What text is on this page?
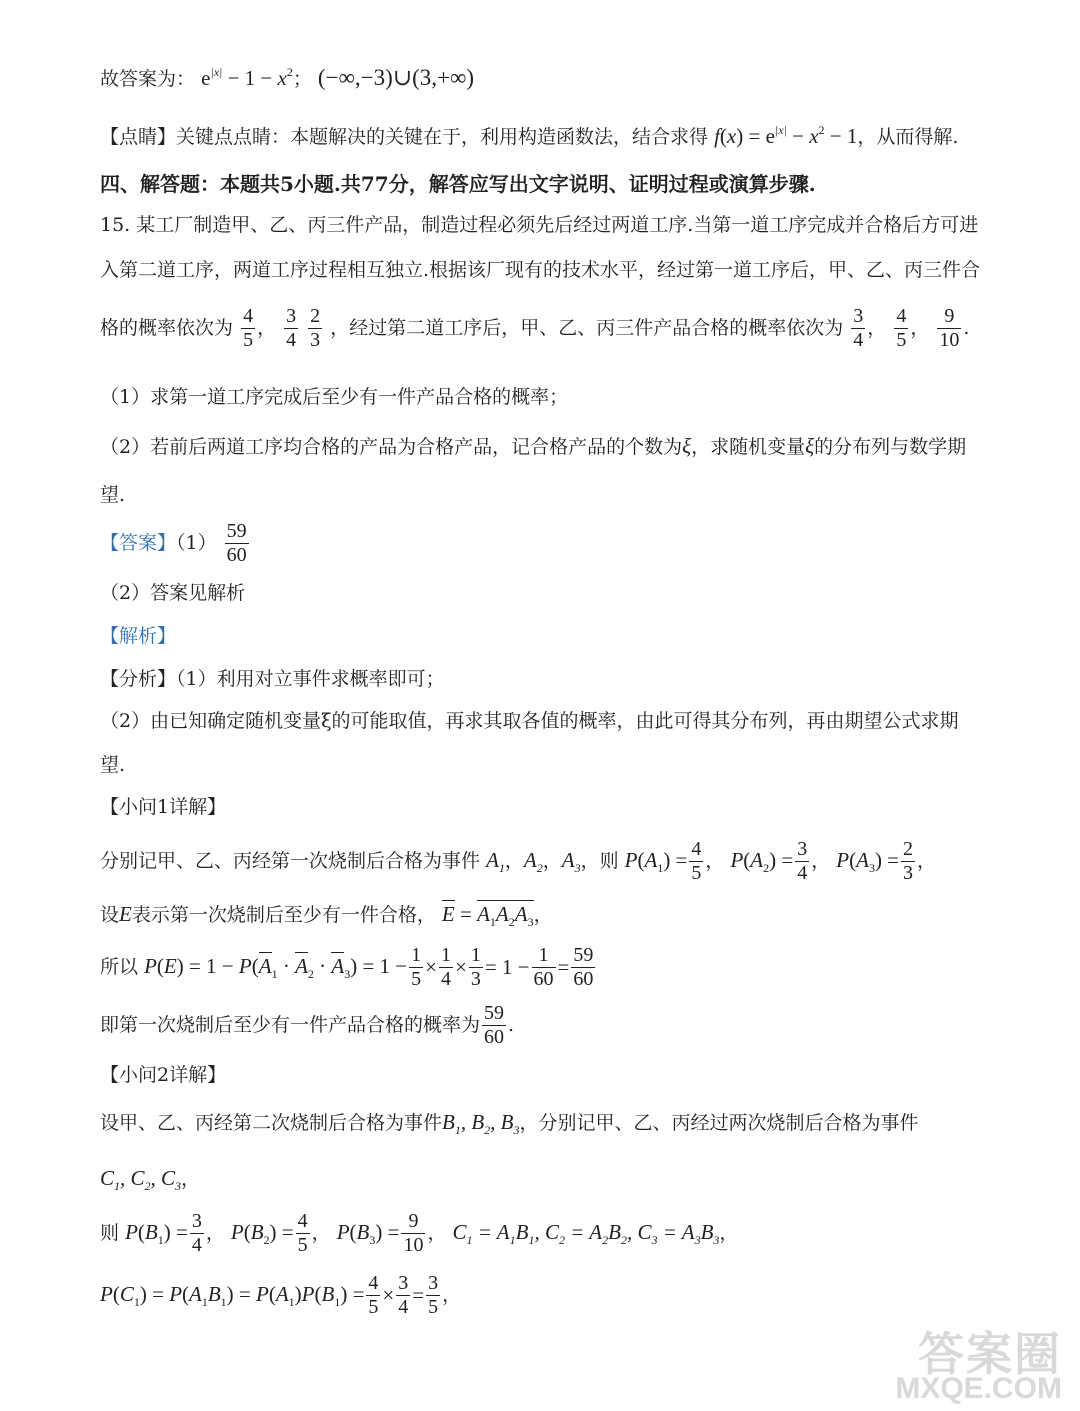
故答案为： $e^{|x|} - 1 - x^2$； (−∞,−3)∪(3,+∞)
【点睛】关键点点睛：本题解决的关键在于，利用构造函数法，结合求得 $f(x) = e^{|x|} - x^2 - 1$，从而得解.
四、解答题：本题共5小题.共77分，解答应写出文字说明、证明过程或演算步骤.
15. 某工厂制造甲、乙、丙三件产品，制造过程必须先后经过两道工序.当第一道工序完成并合格后方可进
入第二道工序，两道工序过程相互独立.根据该厂现有的技术水平，经过第一道工序后，甲、乙、丙三件合
格的概率依次为 $\frac{4}{5}$ ， $\frac{3}{4}$
$\frac{2}{3}$ ，经过第二道工序后，甲、乙、丙三件产品合格的概率依次为 $\frac{3}{4}$ ， $\frac{4}{5}$ ， $\frac{9}{10}$ .
（1）求第一道工序完成后至少有一件产品合格的概率；
（2）若前后两道工序均合格的产品为合格产品，记合格产品的个数为ξ，求随机变量ξ的分布列与数学期
望.
【答案】$(1) \frac{59}{60}$
（2）答案见解析
【解析】
【分析】（1）利用对立事件求概率即可；
（2）由已知确定随机变量ξ的可能取值，再求其取各值的概率，由此可得其分布列，再由期望公式求期
望.
【小问1详解】
分别记甲、乙、丙经第一次烧制后合格为事件 $A_1$，$A_2$，$A_3$，则 $P(A_1) = \frac{4}{5}$ ， $P(A_2) = \frac{3}{4}$ ， $P(A_3) = \frac{2}{3}$ ，
设E表示第一次烧制后至少有一件合格， $E = A_1A_2A_3$，
所以 $P(E) = 1 - P(A_1 \cdot A_2 \cdot A_3) = 1 - \frac{1}{5} \times \frac{1}{4} \times \frac{1}{3} = 1 - \frac{1}{60} = \frac{59}{60}$
即第一次烧制后至少有一件产品合格的概率为 $\frac{59}{60}$ .
【小问2详解】
设甲、乙、丙经第二次烧制后合格为事件$B_1$, $B_2$, $B_3$，分别记甲、乙、丙经过两次烧制后合格为事件
$C_1$, $C_2$, $C_3$，
则 $P(B_1) = \frac{3}{4}$ ， $P(B_2) = \frac{4}{5}$ ， $P(B_3) = \frac{9}{10}$ ， $C_1 = A_1B_1$, $C_2 = A_2B_2$, $C_3 = A_3B_3$，
$P(C_1) = P(A_1B_1) = P(A_1)P(B_1) = \frac{4}{5} \times \frac{3}{4} = \frac{3}{5}$ ，
答案圈
MXQE.COM
